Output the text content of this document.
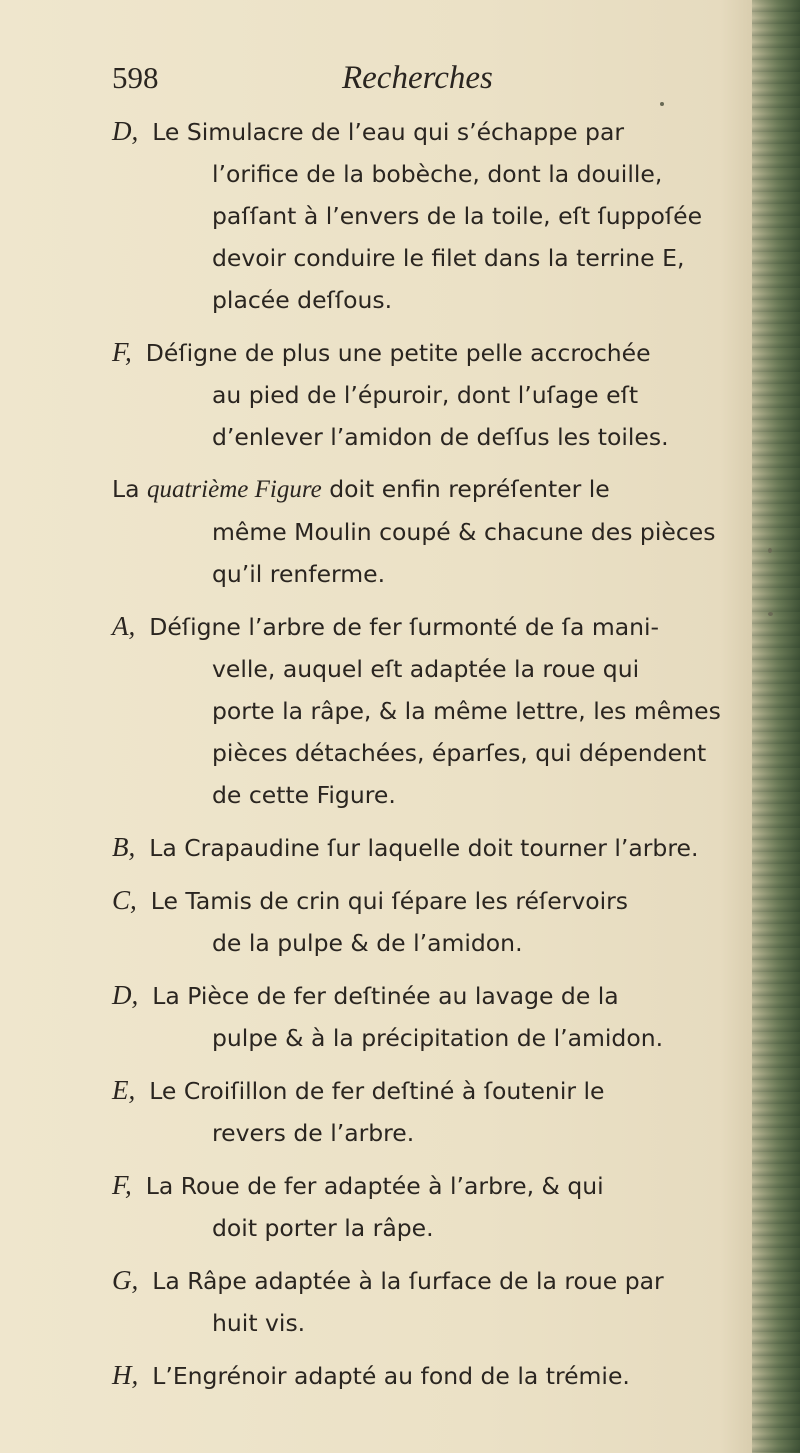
598	Recherches
D, Le Simulacre de l’eau qui s’échappe par
l’orifice de la bobèche, dont la douille,
paſſant à l’envers de la toile, eſt ſuppoſée
devoir conduire le filet dans la terrine E,
placée deſſous.
F, Déſigne de plus une petite pelle accrochée
au pied de l’épuroir, dont l’uſage eſt
d’enlever l’amidon de deſſus les toiles.
La quatrième Figure doit enfin repréſenter le
même Moulin coupé & chacune des pièces
qu’il renferme.
A, Déſigne l’arbre de fer ſurmonté de ſa mani-
velle, auquel eſt adaptée la roue qui
porte la râpe, & la même lettre, les mêmes
pièces détachées, éparſes, qui dépendent
de cette Figure.
B, La Crapaudine ſur laquelle doit tourner l’arbre.
C, Le Tamis de crin qui ſépare les réſervoirs
de la pulpe & de l’amidon.
D, La Pièce de fer deſtinée au lavage de la
pulpe & à la précipitation de l’amidon.
E, Le Croiſillon de fer deſtiné à ſoutenir le
revers de l’arbre.
F, La Roue de fer adaptée à l’arbre, & qui
doit porter la râpe.
G, La Râpe adaptée à la ſurface de la roue par
huit vis.
H, L’Engrénoir adapté au fond de la trémie.
